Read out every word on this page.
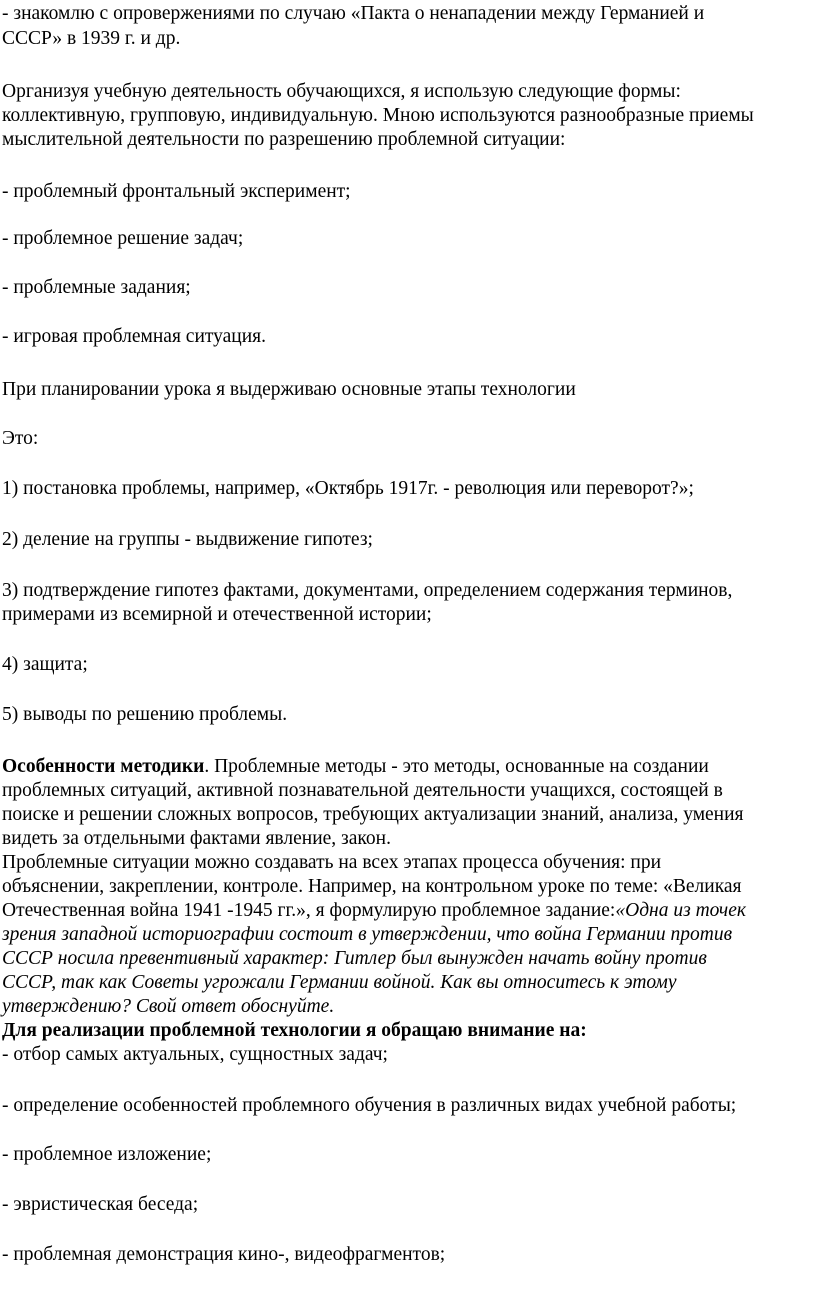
- знакомлю с опровержениями по случаю «Пакта о ненападении между Германией и
СССР» в 1939 г. и др.
Организуя учебную деятельность обучающихся, я использую следующие формы:
коллективную, групповую, индивидуальную. Мною используются разнообразные приемы
мыслительной деятельности по разрешению проблемной ситуации:
- проблемный фронтальный эксперимент;
- проблемное решение задач;
- проблемные задания;
- игровая проблемная ситуация.
При планировании урока я выдерживаю основные этапы технологии
Это:
1) постановка проблемы, например, «Октябрь 1917г. - революция или переворот?»;
2) деление на группы - выдвижение гипотез;
3) подтверждение гипотез фактами, документами, определением содержания терминов,
примерами из всемирной и отечественной истории;
4) защита;
5) выводы по решению проблемы.
Особенности методики. Проблемные методы - это методы, основанные на создании
проблемных ситуаций, активной познавательной деятельности учащихся, состоящей в
поиске и решении сложных вопросов, требующих актуализации знаний, анализа, умения
видеть за отдельными фактами явление, закон.
Проблемные ситуации можно создавать на всех этапах процесса обучения: при
объяснении, закреплении, контроле. Например, на контрольном уроке по теме: «Великая
Отечественная война 1941 -1945 гг.», я формулирую проблемное задание:«Одна из точек
зрения западной историографии состоит в утверждении, что война Германии против
СССР носила превентивный характер: Гитлер был вынужден начать войну против
СССР, так как Советы угрожали Германии войной. Как вы относитесь к этому
утверждению? Свой ответ обоснуйте.
Для реализации проблемной технологии я обращаю внимание на:
- отбор самых актуальных, сущностных задач;
- определение особенностей проблемного обучения в различных видах учебной работы;
- проблемное изложение;
- эвристическая беседа;
- проблемная демонстрация кино-, видеофрагментов;
